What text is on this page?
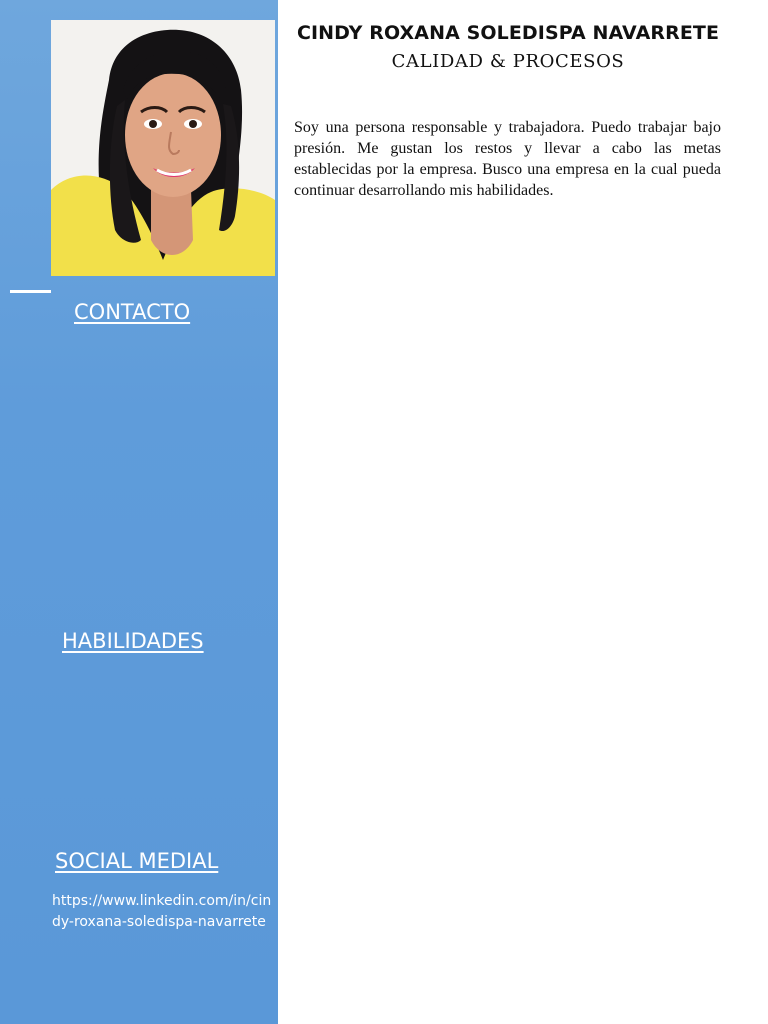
CONTACTO
HABILIDADES
SOCIAL MEDIAL
https://www.linkedin.com/in/cindy-roxana-soledispa-navarrete
CINDY ROXANA SOLEDISPA NAVARRETE
CALIDAD & PROCESOS

Soy una persona responsable y trabajadora. Puedo trabajar bajo presión. Me gustan los restos y llevar a cabo las metas establecidas por la empresa. Busco una empresa en la cual pueda continuar desarrollando mis habilidades.
